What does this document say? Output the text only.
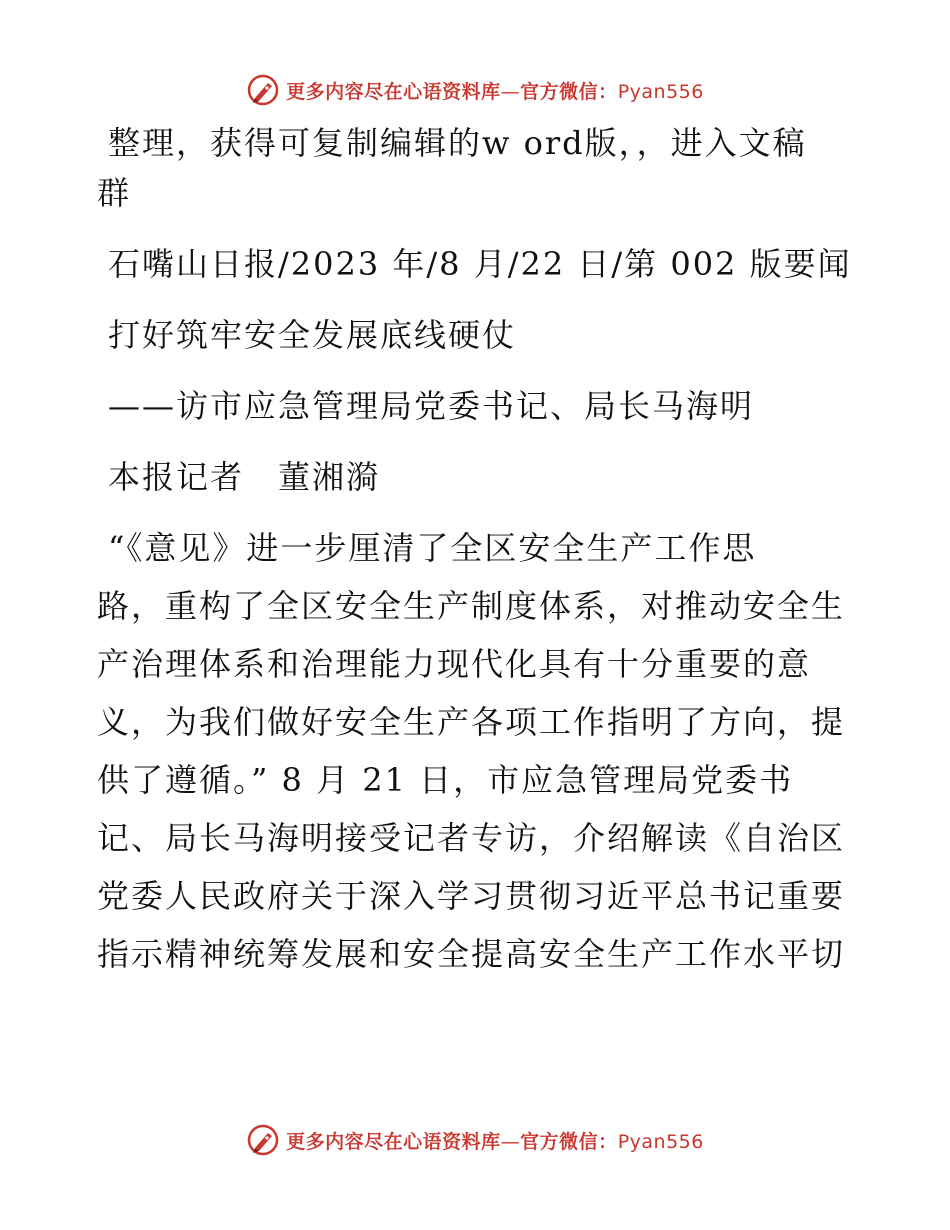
更多内容尽在心语资料库—官方微信：Pyan556
整理，获得可复制编辑的w ord版，，进入文稿
群
石嘴山日报/2023 年/8 月/22 日/第 002 版要闻
打好筑牢安全发展底线硬仗
——访市应急管理局党委书记、局长马海明
本报记者　董湘漪
“《意见》进一步厘清了全区安全生产工作思
路，重构了全区安全生产制度体系，对推动安全生
产治理体系和治理能力现代化具有十分重要的意
义，为我们做好安全生产各项工作指明了方向，提
供了遵循。” 8 月 21 日，市应急管理局党委书
记、局长马海明接受记者专访，介绍解读《自治区
党委人民政府关于深入学习贯彻习近平总书记重要
指示精神统筹发展和安全提高安全生产工作水平切
更多内容尽在心语资料库—官方微信：Pyan556
